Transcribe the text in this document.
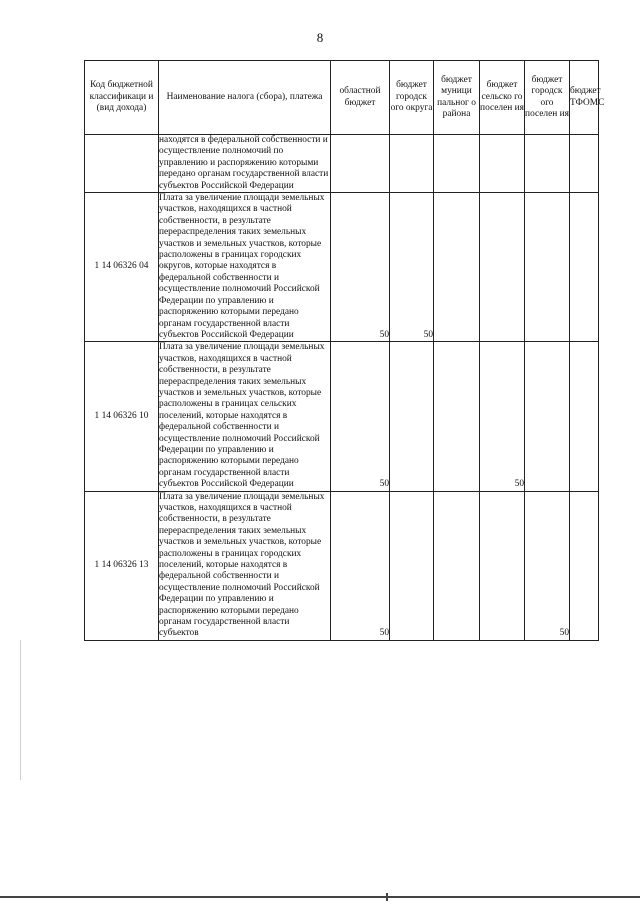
8
Код бюджетной классификаци и (вид дохода)	Наименование налога (сбора), платежа	областной бюджет	бюджет городск ого округа	бюджет муници пальног о района	бюджет сельско го поселен ия	бюджет городск ого поселен ия	бюджет ТФОМС
	находятся в федеральной собственности и осуществление полномочий по управлению и распоряжению которыми передано органам государственной власти субъектов Российской Федерации						
1 14 06326 04	Плата за увеличение площади земельных участков, находящихся в частной собственности, в результате перераспределения таких земельных участков и земельных участков, которые расположены в границах городских округов, которые находятся в федеральной собственности и осуществление полномочий Российской Федерации по управлению и распоряжению которыми передано органам государственной власти субъектов Российской Федерации	50	50				
1 14 06326 10	Плата за увеличение площади земельных участков, находящихся в частной собственности, в результате перераспределения таких земельных участков и земельных участков, которые расположены в границах сельских поселений, которые находятся в федеральной собственности и осуществление полномочий Российской Федерации по управлению и распоряжению которыми передано органам государственной власти субъектов Российской Федерации	50			50		
1 14 06326 13	Плата за увеличение площади земельных участков, находящихся в частной собственности, в результате перераспределения таких земельных участков и земельных участков, которые расположены в границах городских поселений, которые находятся в федеральной собственности и осуществление полномочий Российской Федерации по управлению и распоряжению которыми передано органам государственной власти субъектов	50				50	
